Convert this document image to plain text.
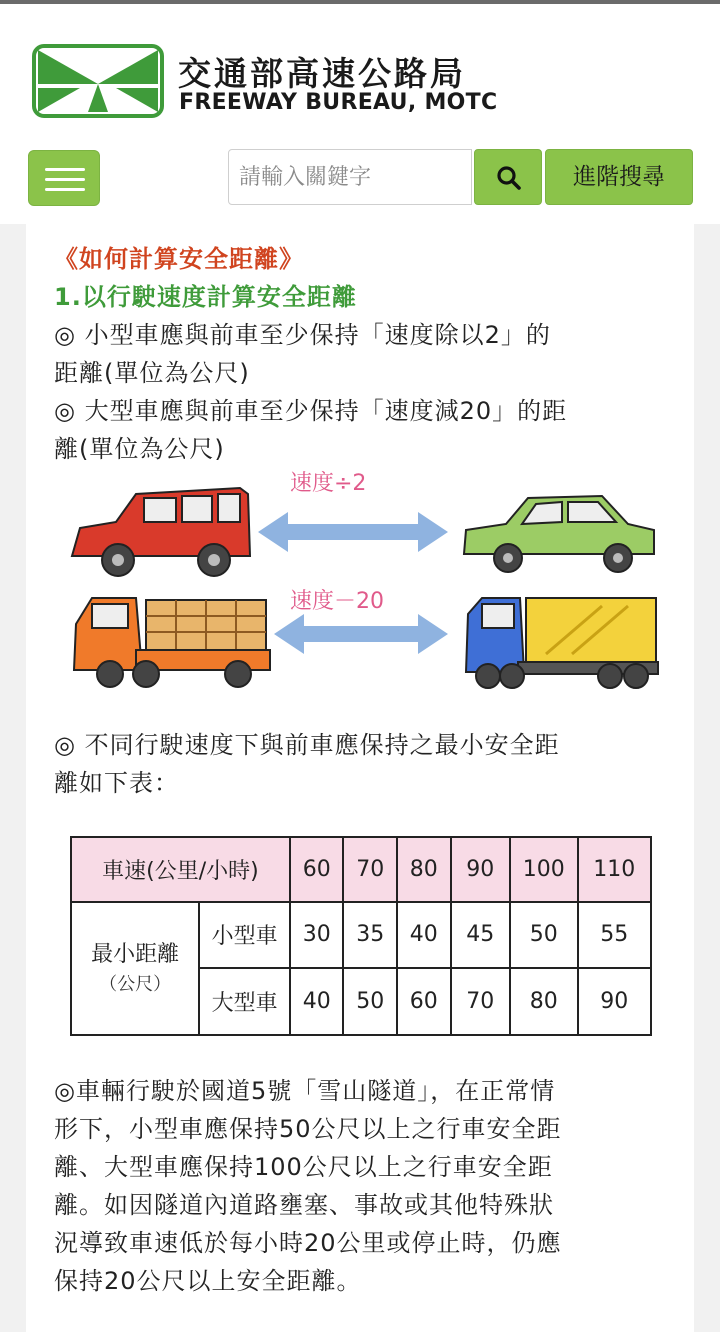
交通部高速公路局
FREEWAY BUREAU, MOTC
請輸入關鍵字
進階搜尋
《如何計算安全距離》
1.以行駛速度計算安全距離
◎ 小型車應與前車至少保持「速度除以2」的
距離(單位為公尺)
◎ 大型車應與前車至少保持「速度減20」的距
離(單位為公尺)
速度÷2
速度－20
◎ 不同行駛速度下與前車應保持之最小安全距
離如下表：
車速(公里/小時)		60	70	80	90	100	110

最小距離
（公尺）	小型車	30	35	40	45	50	55
	大型車	40	50	60	70	80	90
◎車輛行駛於國道5號「雪山隧道」，在正常情
形下，小型車應保持50公尺以上之行車安全距
離、大型車應保持100公尺以上之行車安全距
離。如因隧道內道路壅塞、事故或其他特殊狀
況導致車速低於每小時20公里或停止時，仍應
保持20公尺以上安全距離。
